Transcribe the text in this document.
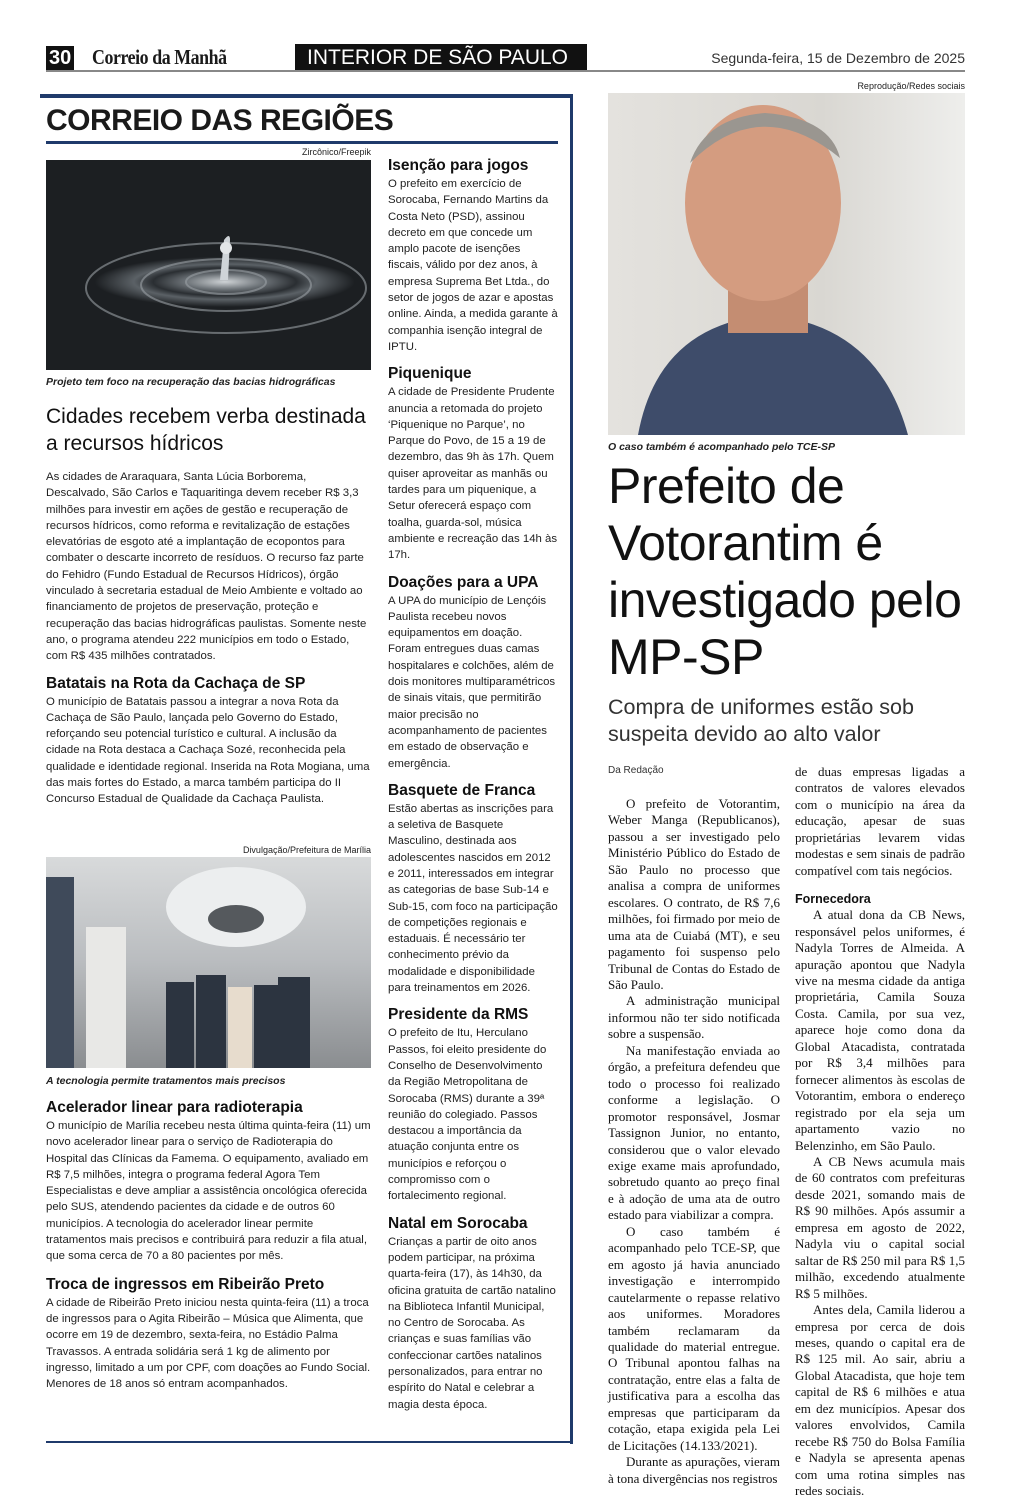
30 Correio da Manhã	INTERIOR DE SÃO PAULO	Segunda-feira, 15 de Dezembro de 2025
CORREIO DAS REGIÕES
Zircônico/Freepik
Projeto tem foco na recuperação das bacias hidrográficas
Cidades recebem verba destinada a recursos hídricos
As cidades de Araraquara, Santa Lúcia Borborema, Descalvado, São Carlos e Taquaritinga devem receber R$ 3,3 milhões para investir em ações de gestão e recuperação de recursos hídricos, como reforma e revitalização de estações elevatórias de esgoto até a implantação de ecopontos para combater o descarte incorreto de resíduos. O recurso faz parte do Fehidro (Fundo Estadual de Recursos Hídricos), órgão vinculado à secretaria estadual de Meio Ambiente e voltado ao financiamento de projetos de preservação, proteção e recuperação das bacias hidrográficas paulistas. Somente neste ano, o programa atendeu 222 municípios em todo o Estado, com R$ 435 milhões contratados.
Batatais na Rota da Cachaça de SP
O município de Batatais passou a integrar a nova Rota da Cachaça de São Paulo, lançada pelo Governo do Estado, reforçando seu potencial turístico e cultural. A inclusão da cidade na Rota destaca a Cachaça Sozé, reconhecida pela qualidade e identidade regional. Inserida na Rota Mogiana, uma das mais fortes do Estado, a marca também participa do II Concurso Estadual de Qualidade da Cachaça Paulista.
Divulgação/Prefeitura de Marília
A tecnologia permite tratamentos mais precisos
Acelerador linear para radioterapia
O município de Marília recebeu nesta última quinta-feira (11) um novo acelerador linear para o serviço de Radioterapia do Hospital das Clínicas da Famema. O equipamento, avaliado em R$ 7,5 milhões, integra o programa federal Agora Tem Especialistas e deve ampliar a assistência oncológica oferecida pelo SUS, atendendo pacientes da cidade e de outros 60 municípios. A tecnologia do acelerador linear permite tratamentos mais precisos e contribuirá para reduzir a fila atual, que soma cerca de 70 a 80 pacientes por mês.
Troca de ingressos em Ribeirão Preto
A cidade de Ribeirão Preto iniciou nesta quinta-feira (11) a troca de ingressos para o Agita Ribeirão – Música que Alimenta, que ocorre em 19 de dezembro, sexta-feira, no Estádio Palma Travassos. A entrada solidária será 1 kg de alimento por ingresso, limitado a um por CPF, com doações ao Fundo Social. Menores de 18 anos só entram acompanhados.
Isenção para jogos
O prefeito em exercício de Sorocaba, Fernando Martins da Costa Neto (PSD), assinou decreto em que concede um amplo pacote de isenções fiscais, válido por dez anos, à empresa Suprema Bet Ltda., do setor de jogos de azar e apostas online. Ainda, a medida garante à companhia isenção integral de IPTU.
Piquenique
A cidade de Presidente Prudente anuncia a retomada do projeto ‘Piquenique no Parque’, no Parque do Povo, de 15 a 19 de dezembro, das 9h às 17h. Quem quiser aproveitar as manhãs ou tardes para um piquenique, a Setur oferecerá espaço com toalha, guarda-sol, música ambiente e recreação das 14h às 17h.
Doações para a UPA
A UPA do município de Lençóis Paulista recebeu novos equipamentos em doação. Foram entregues duas camas hospitalares e colchões, além de dois monitores multiparamétricos de sinais vitais, que permitirão maior precisão no acompanhamento de pacientes em estado de observação e emergência.
Basquete de Franca
Estão abertas as inscrições para a seletiva de Basquete Masculino, destinada aos adolescentes nascidos em 2012 e 2011, interessados em integrar as categorias de base Sub-14 e Sub-15, com foco na participação de competições regionais e estaduais. É necessário ter conhecimento prévio da modalidade e disponibilidade para treinamentos em 2026.
Presidente da RMS
O prefeito de Itu, Herculano Passos, foi eleito presidente do Conselho de Desenvolvimento da Região Metropolitana de Sorocaba (RMS) durante a 39ª reunião do colegiado. Passos destacou a importância da atuação conjunta entre os municípios e reforçou o compromisso com o fortalecimento regional.
Natal em Sorocaba
Crianças a partir de oito anos podem participar, na próxima quarta-feira (17), às 14h30, da oficina gratuita de cartão natalino na Biblioteca Infantil Municipal, no Centro de Sorocaba. As crianças e suas famílias vão confeccionar cartões natalinos personalizados, para entrar no espírito do Natal e celebrar a magia desta época.
Reprodução/Redes sociais
O caso também é acompanhado pelo TCE-SP
Prefeito de Votorantim é investigado pelo MP-SP
Compra de uniformes estão sob suspeita devido ao alto valor
Da Redação

O prefeito de Votorantim, Weber Manga (Republicanos), passou a ser investigado pelo Ministério Público do Estado de São Paulo no processo que analisa a compra de uniformes escolares. O contrato, de R$ 7,6 milhões, foi firmado por meio de uma ata de Cuiabá (MT), e seu pagamento foi suspenso pelo Tribunal de Contas do Estado de São Paulo.

A administração municipal informou não ter sido notificada sobre a suspensão.

Na manifestação enviada ao órgão, a prefeitura defendeu que todo o processo foi realizado conforme a legislação. O promotor responsável, Josmar Tassignon Junior, no entanto, considerou que o valor elevado exige exame mais aprofundado, sobretudo quanto ao preço final e à adoção de uma ata de outro estado para viabilizar a compra.

O caso também é acompanhado pelo TCE-SP, que em agosto já havia anunciado investigação e interrompido cautelarmente o repasse relativo aos uniformes. Moradores também reclamaram da qualidade do material entregue. O Tribunal apontou falhas na contratação, entre elas a falta de justificativa para a escolha das empresas que participaram da cotação, etapa exigida pela Lei de Licitações (14.133/2021).

Durante as apurações, vieram à tona divergências nos registros

de duas empresas ligadas a contratos de valores elevados com o município na área da educação, apesar de suas proprietárias levarem vidas modestas e sem sinais de padrão compatível com tais negócios.
Fornecedora

A atual dona da CB News, responsável pelos uniformes, é Nadyla Torres de Almeida. A apuração apontou que Nadyla vive na mesma cidade da antiga proprietária, Camila Souza Costa. Camila, por sua vez, aparece hoje como dona da Global Atacadista, contratada por R$ 3,4 milhões para fornecer alimentos às escolas de Votorantim, embora o endereço registrado por ela seja um apartamento vazio no Belenzinho, em São Paulo.

A CB News acumula mais de 60 contratos com prefeituras desde 2021, somando mais de R$ 90 milhões. Após assumir a empresa em agosto de 2022, Nadyla viu o capital social saltar de R$ 250 mil para R$ 1,5 milhão, excedendo atualmente R$ 5 milhões.

Antes dela, Camila liderou a empresa por cerca de dois meses, quando o capital era de R$ 125 mil. Ao sair, abriu a Global Atacadista, que hoje tem capital de R$ 6 milhões e atua em dez municípios. Apesar dos valores envolvidos, Camila recebe R$ 750 do Bolsa Família e Nadyla se apresenta apenas com uma rotina simples nas redes sociais.
